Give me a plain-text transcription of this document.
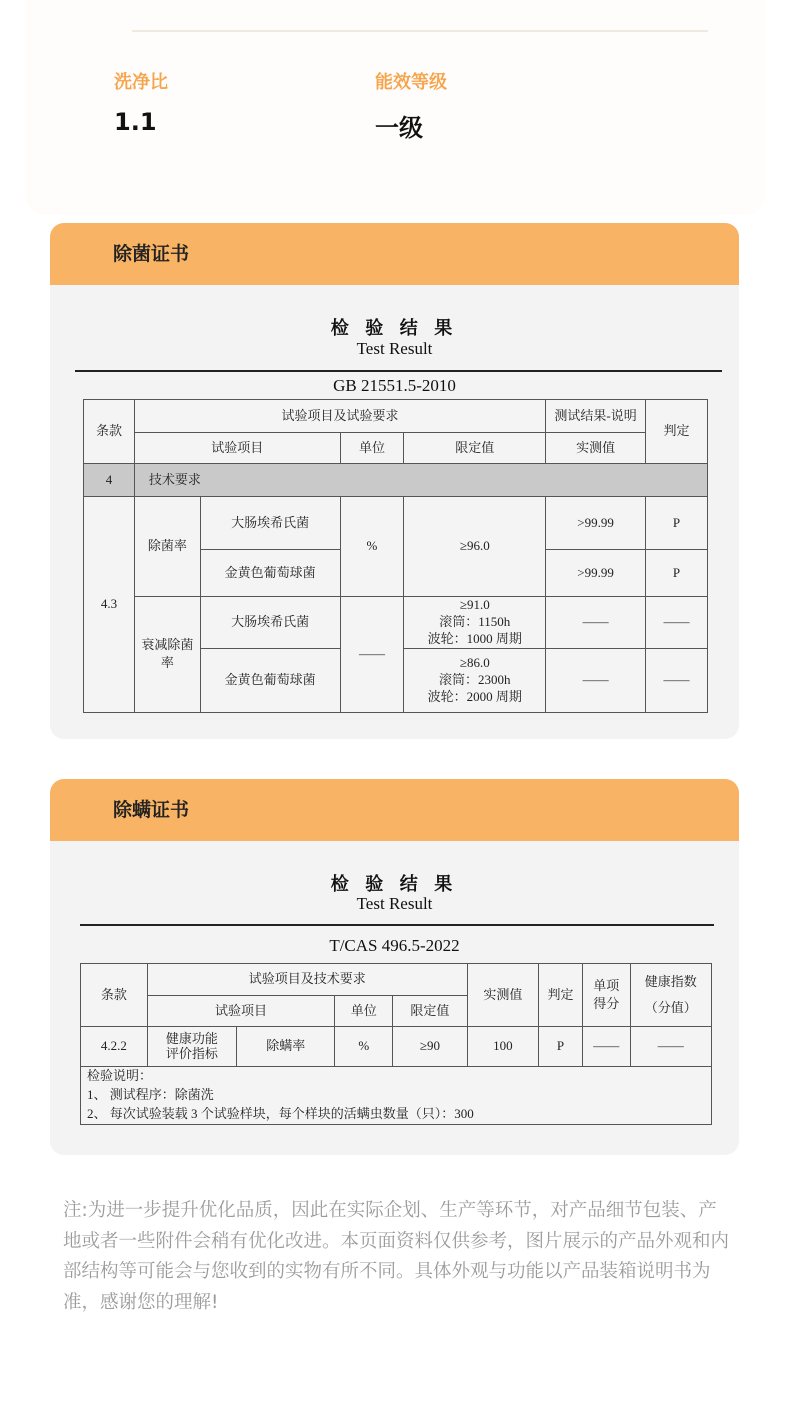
洗净比
1.1
能效等级
一级
除菌证书
检 验 结 果
Test Result
GB 21551.5-2010
条款	试验项目及试验要求				测试结果-说明	判定
	试验项目		单位	限定值	实测值	
4	技术要求					
4.3	除菌率	大肠埃希氏菌	%	≥96.0	>99.99	P
		金黄色葡萄球菌			>99.99	P
	衰减除菌率	大肠埃希氏菌	——	≥91.0
滚筒：1150h
波轮：1000 周期	——	——
		金黄色葡萄球菌		≥86.0
滚筒：2300h
波轮：2000 周期	——	——
除螨证书
检 验 结 果
Test Result
T/CAS 496.5-2022
条款	试验项目及技术要求				实测值	判定	单项得分	健康指数
（分值）

	试验项目		单位	限定值				
4.2.2	健康功能评价指标	除螨率	%	≥90	100	P	——	——

检验说明：
1、 测试程序：除菌洗
2、 每次试验装载 3 个试验样块，每个样块的活螨虫数量（只）：300								
注:为进一步提升优化品质，因此在实际企划、生产等环节，对产品细节包装、产地或者一些附件会稍有优化改进。本页面资料仅供参考，图片展示的产品外观和内部结构等可能会与您收到的实物有所不同。具体外观与功能以产品装箱说明书为准，感谢您的理解!
